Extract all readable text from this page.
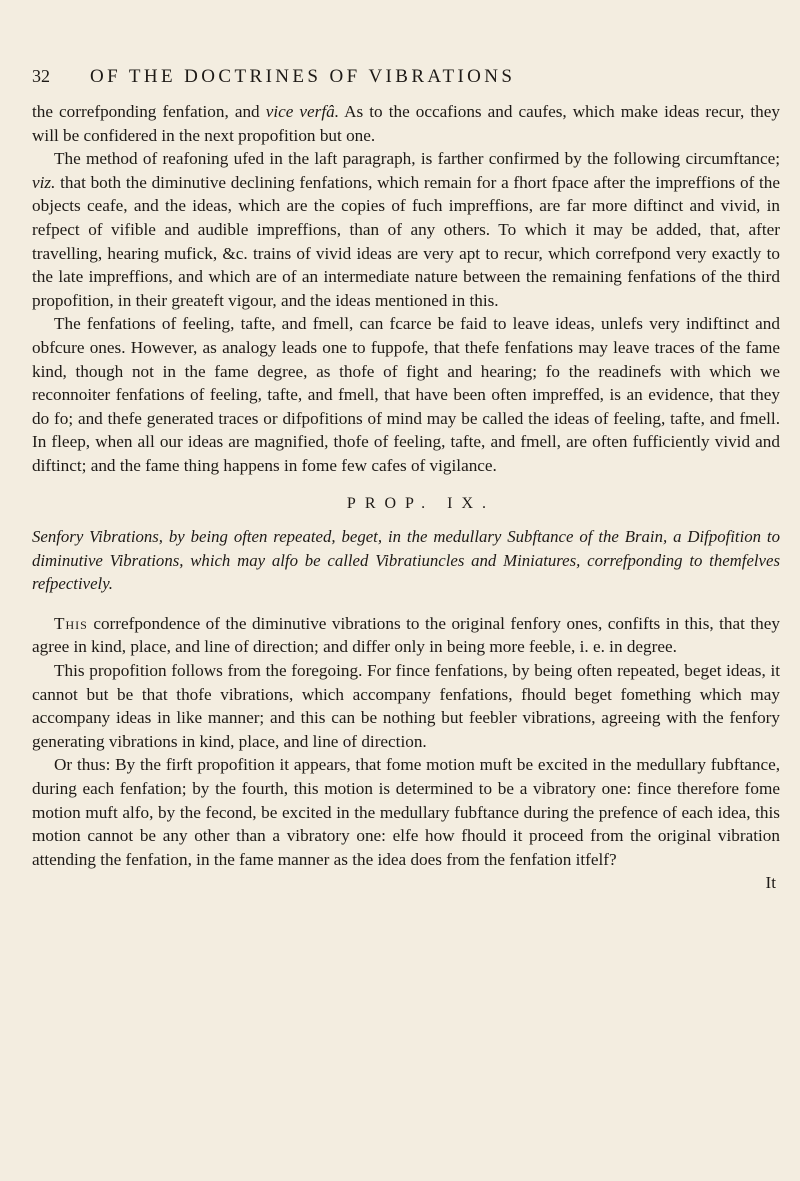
32 OF THE DOCTRINES OF VIBRATIONS

the correfponding fenfation, and vice verfâ. As to the occafions and caufes, which make ideas recur, they will be confidered in the next propofition but one.

The method of reafoning ufed in the laft paragraph, is farther confirmed by the following circumftance; viz. that both the diminutive declining fenfations, which remain for a fhort fpace after the impreffions of the objects ceafe, and the ideas, which are the copies of fuch impreffions, are far more diftinct and vivid, in refpect of vifible and audible impreffions, than of any others. To which it may be added, that, after travelling, hearing mufick, &c. trains of vivid ideas are very apt to recur, which correfpond very exactly to the late impreffions, and which are of an intermediate nature between the remaining fenfations of the third propofition, in their greateft vigour, and the ideas mentioned in this.

The fenfations of feeling, tafte, and fmell, can fcarce be faid to leave ideas, unlefs very indiftinct and obfcure ones. However, as analogy leads one to fuppofe, that thefe fenfations may leave traces of the fame kind, though not in the fame degree, as thofe of fight and hearing; fo the readinefs with which we reconnoiter fenfations of feeling, tafte, and fmell, that have been often impreffed, is an evidence, that they do fo; and thefe generated traces or difpofitions of mind may be called the ideas of feeling, tafte, and fmell. In fleep, when all our ideas are magnified, thofe of feeling, tafte, and fmell, are often fufficiently vivid and diftinct; and the fame thing happens in fome few cafes of vigilance.

PROP. IX.

Senfory Vibrations, by being often repeated, beget, in the medullary Subftance of the Brain, a Difpofition to diminutive Vibrations, which may alfo be called Vibratiuncles and Miniatures, correfponding to themfelves refpectively.

This correfpondence of the diminutive vibrations to the original fenfory ones, confifts in this, that they agree in kind, place, and line of direction; and differ only in being more feeble, i. e. in degree.

This propofition follows from the foregoing. For fince fenfations, by being often repeated, beget ideas, it cannot but be that thofe vibrations, which accompany fenfations, fhould beget fomething which may accompany ideas in like manner; and this can be nothing but feebler vibrations, agreeing with the fenfory generating vibrations in kind, place, and line of direction.

Or thus: By the firft propofition it appears, that fome motion muft be excited in the medullary fubftance, during each fenfation; by the fourth, this motion is determined to be a vibratory one: fince therefore fome motion muft alfo, by the fecond, be excited in the medullary fubftance during the prefence of each idea, this motion cannot be any other than a vibratory one: elfe how fhould it proceed from the original vibration attending the fenfation, in the fame manner as the idea does from the fenfation itfelf?

It
